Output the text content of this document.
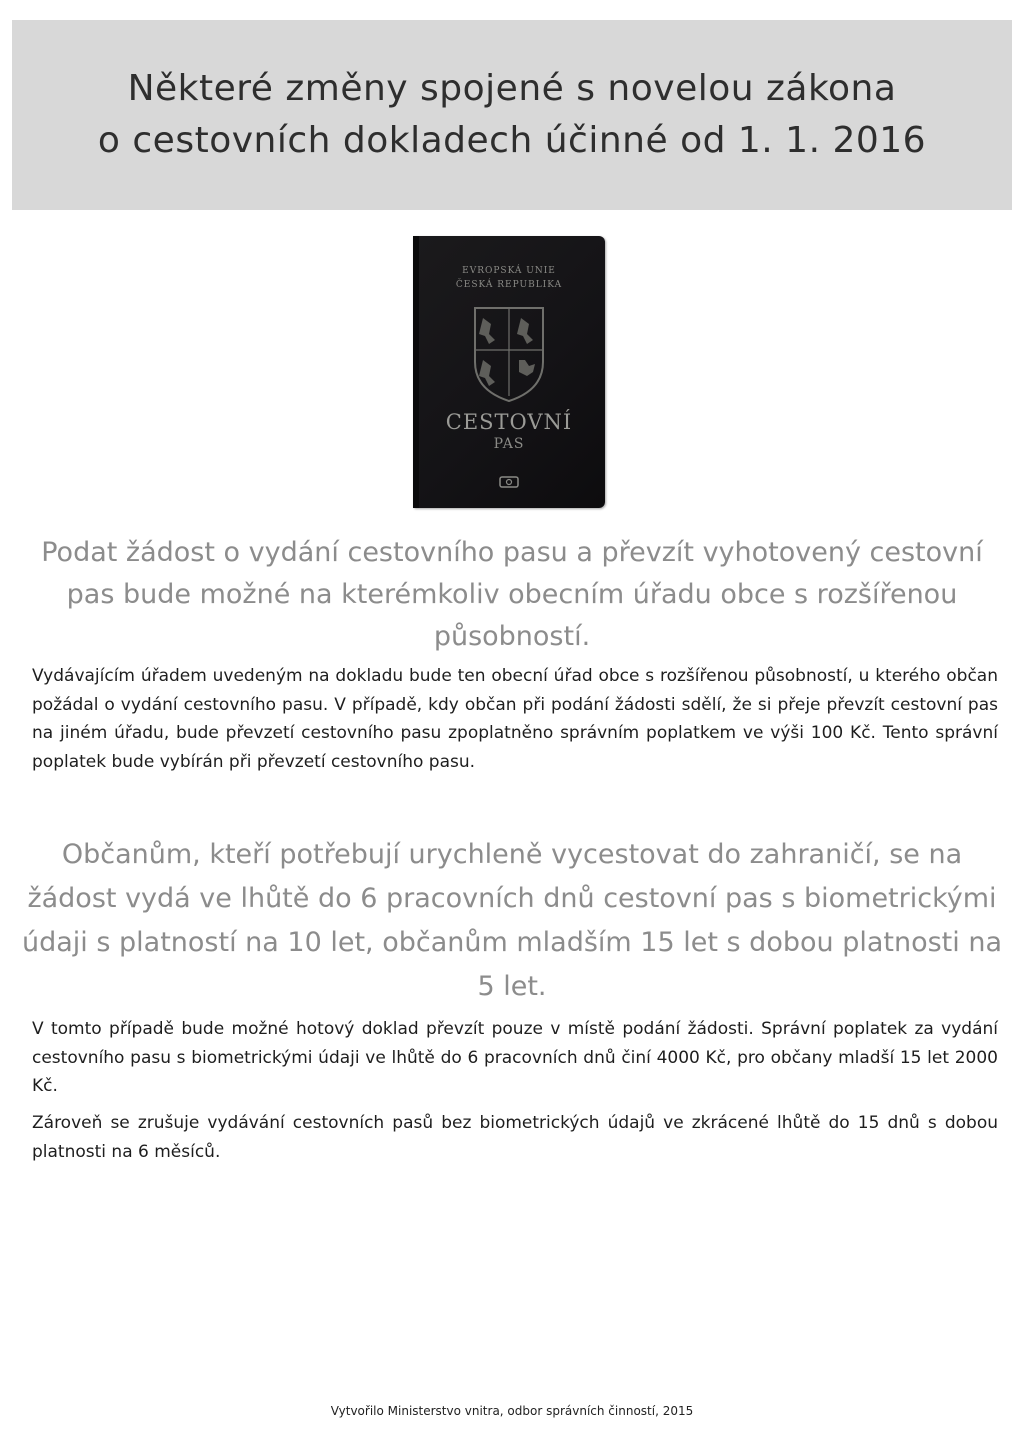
Některé změny spojené s novelou zákona
o cestovních dokladech účinné od 1. 1. 2016
EVROPSKÁ UNIE
ČESKÁ REPUBLIKA
CESTOVNÍ
PAS
Podat žádost o vydání cestovního pasu a převzít vyhotovený cestovní pas bude možné na kterémkoliv obecním úřadu obce s rozšířenou působností.
Vydávajícím úřadem uvedeným na dokladu bude ten obecní úřad obce s rozšířenou působností, u kterého občan požádal o vydání cestovního pasu. V případě, kdy občan při podání žádosti sdělí, že si přeje převzít cestovní pas na jiném úřadu, bude převzetí cestovního pasu zpoplatněno správním poplatkem ve výši 100 Kč. Tento správní poplatek bude vybírán při převzetí cestovního pasu.
Občanům, kteří potřebují urychleně vycestovat do zahraničí, se na žádost vydá ve lhůtě do 6 pracovních dnů cestovní pas s biometrickými údaji s platností na 10 let, občanům mladším 15 let s dobou platnosti na 5 let.
V tomto případě bude možné hotový doklad převzít pouze v místě podání žádosti. Správní poplatek za vydání cestovního pasu s biometrickými údaji ve lhůtě do 6 pracovních dnů činí 4000 Kč, pro občany mladší 15 let 2000 Kč.
Zároveň se zrušuje vydávání cestovních pasů bez biometrických údajů ve zkrácené lhůtě do 15 dnů s dobou platnosti na 6 měsíců.
Vytvořilo Ministerstvo vnitra, odbor správních činností, 2015
